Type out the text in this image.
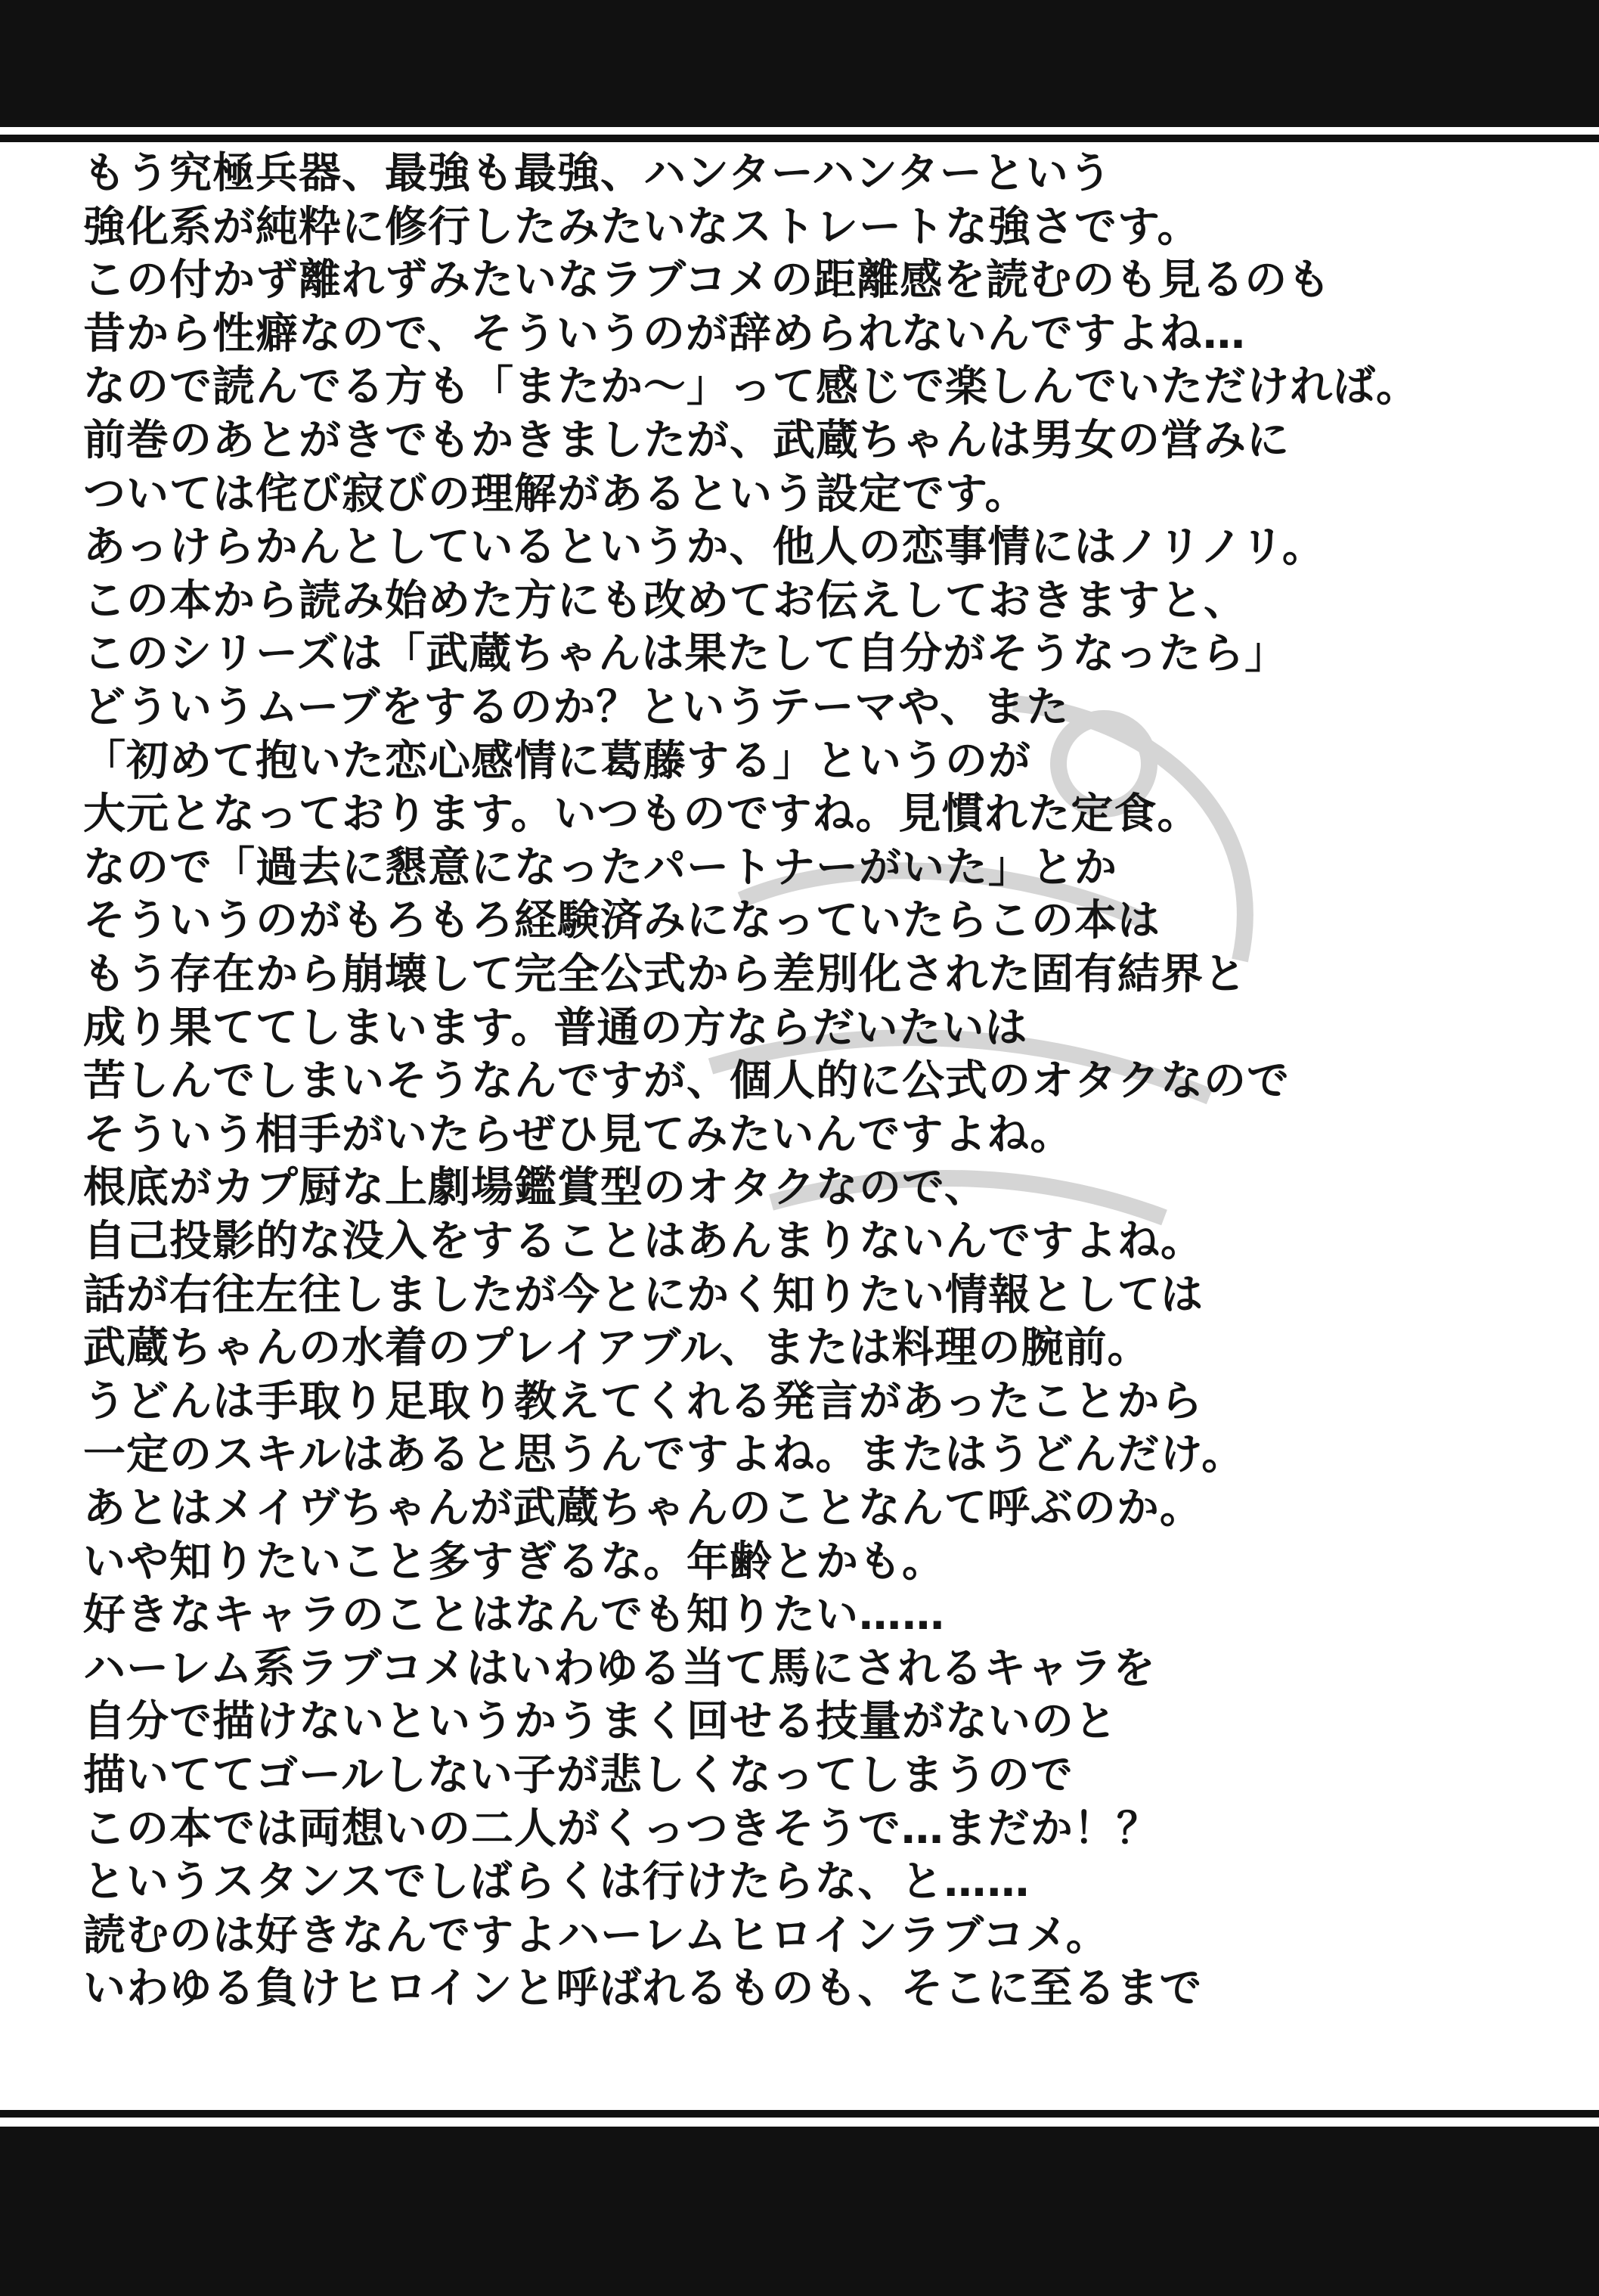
もう究極兵器、最強も最強、ハンターハンターという
強化系が純粋に修行したみたいなストレートな強さです。
この付かず離れずみたいなラブコメの距離感を読むのも見るのも
昔から性癖なので、そういうのが辞められないんですよね…
なので読んでる方も「またか～」って感じで楽しんでいただければ。
前巻のあとがきでもかきましたが、武蔵ちゃんは男女の営みに
ついては侘び寂びの理解があるという設定です。
あっけらかんとしているというか、他人の恋事情にはノリノリ。
この本から読み始めた方にも改めてお伝えしておきますと、
このシリーズは「武蔵ちゃんは果たして自分がそうなったら」
どういうムーブをするのか？というテーマや、また
「初めて抱いた恋心感情に葛藤する」というのが
大元となっております。いつものですね。見慣れた定食。
なので「過去に懇意になったパートナーがいた」とか
そういうのがもろもろ経験済みになっていたらこの本は
もう存在から崩壊して完全公式から差別化された固有結界と
成り果ててしまいます。普通の方ならだいたいは
苦しんでしまいそうなんですが、個人的に公式のオタクなので
そういう相手がいたらぜひ見てみたいんですよね。
根底がカプ厨な上劇場鑑賞型のオタクなので、
自己投影的な没入をすることはあんまりないんですよね。
話が右往左往しましたが今とにかく知りたい情報としては
武蔵ちゃんの水着のプレイアブル、または料理の腕前。
うどんは手取り足取り教えてくれる発言があったことから
一定のスキルはあると思うんですよね。またはうどんだけ。
あとはメイヴちゃんが武蔵ちゃんのことなんて呼ぶのか。
いや知りたいこと多すぎるな。年齢とかも。
好きなキャラのことはなんでも知りたい……
ハーレム系ラブコメはいわゆる当て馬にされるキャラを
自分で描けないというかうまく回せる技量がないのと
描いててゴールしない子が悲しくなってしまうので
この本では両想いの二人がくっつきそうで…まだか！？
というスタンスでしばらくは行けたらな、と……
読むのは好きなんですよハーレムヒロインラブコメ。
いわゆる負けヒロインと呼ばれるものも、そこに至るまで
